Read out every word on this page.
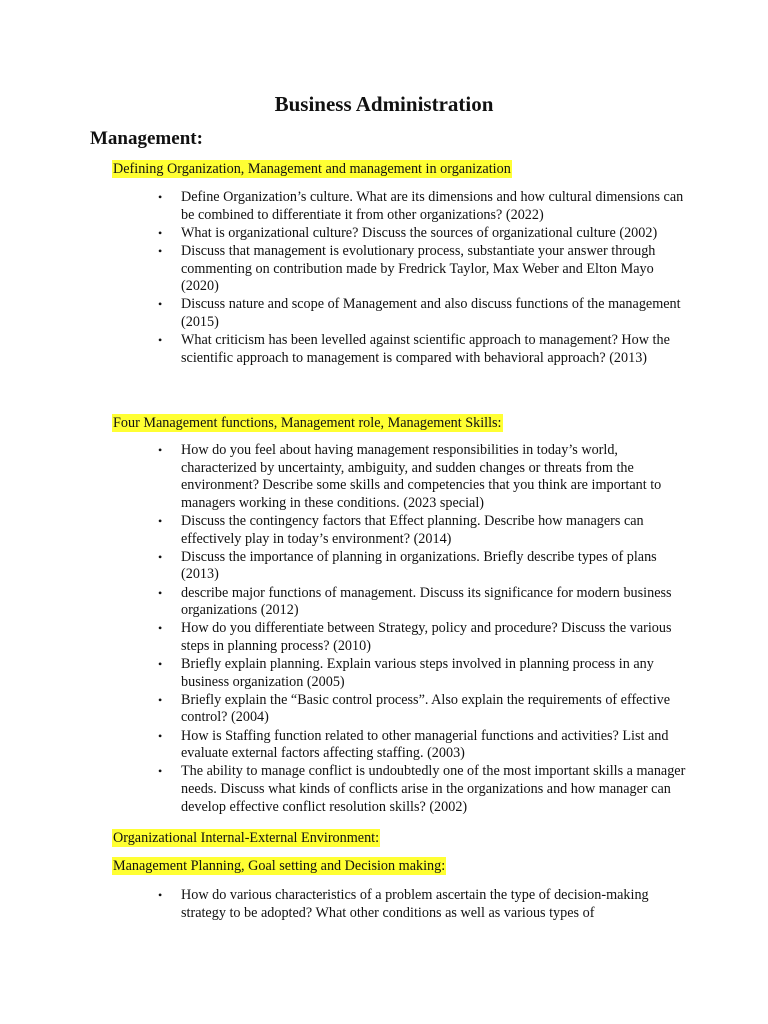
Business Administration
Management:
Defining Organization, Management and management in organization
• Define Organization’s culture. What are its dimensions and how cultural dimensions can be combined to differentiate it from other organizations? (2022)
• What is organizational culture? Discuss the sources of organizational culture (2002)
• Discuss that management is evolutionary process, substantiate your answer through commenting on contribution made by Fredrick Taylor, Max Weber and Elton Mayo (2020)
• Discuss nature and scope of Management and also discuss functions of the management (2015)
• What criticism has been levelled against scientific approach to management? How the scientific approach to management is compared with behavioral approach? (2013)
Four Management functions, Management role, Management Skills:
• How do you feel about having management responsibilities in today’s world, characterized by uncertainty, ambiguity, and sudden changes or threats from the environment? Describe some skills and competencies that you think are important to managers working in these conditions. (2023 special)
• Discuss the contingency factors that Effect planning. Describe how managers can effectively play in today’s environment? (2014)
• Discuss the importance of planning in organizations. Briefly describe types of plans (2013)
• describe major functions of management. Discuss its significance for modern business organizations (2012)
• How do you differentiate between Strategy, policy and procedure? Discuss the various steps in planning process? (2010)
• Briefly explain planning. Explain various steps involved in planning process in any business organization (2005)
• Briefly explain the “Basic control process”. Also explain the requirements of effective control? (2004)
• How is Staffing function related to other managerial functions and activities? List and evaluate external factors affecting staffing. (2003)
• The ability to manage conflict is undoubtedly one of the most important skills a manager needs. Discuss what kinds of conflicts arise in the organizations and how manager can develop effective conflict resolution skills? (2002)
Organizational Internal-External Environment:
Management Planning, Goal setting and Decision making:
• How do various characteristics of a problem ascertain the type of decision-making strategy to be adopted? What other conditions as well as various types of
